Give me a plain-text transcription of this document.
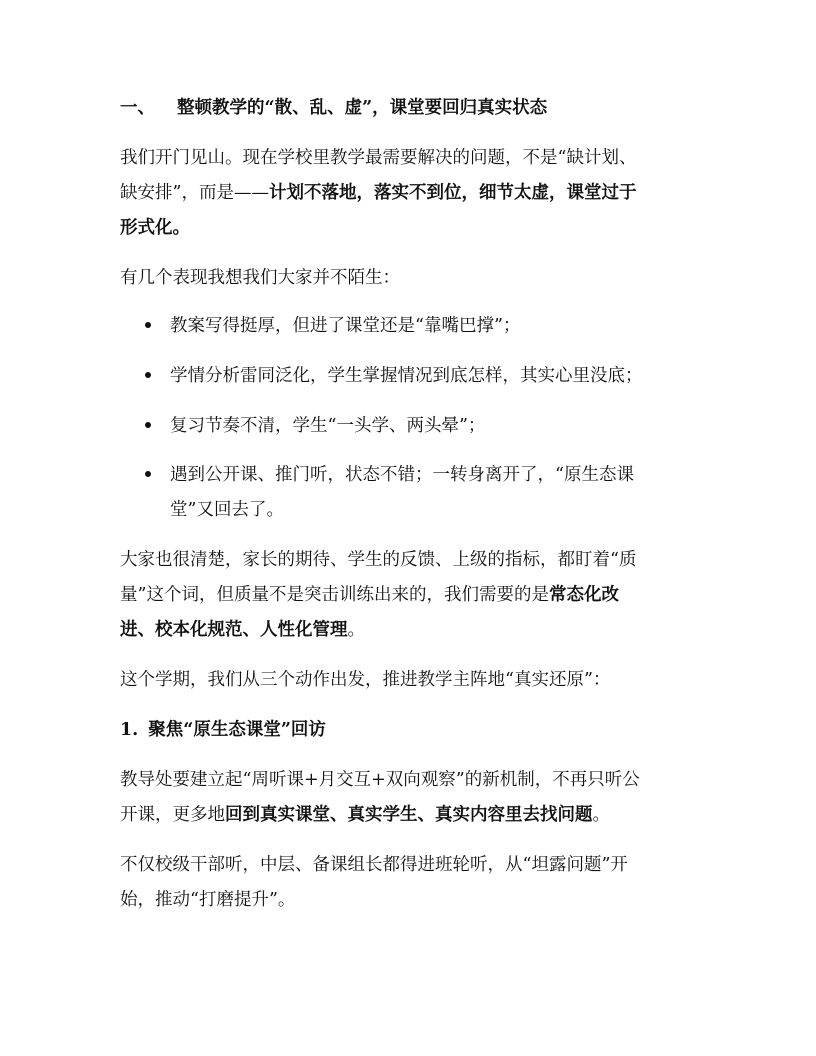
一、 整顿教学的“散、乱、虚”，课堂要回归真实状态

我们开门见山。现在学校里教学最需要解决的问题，不是“缺计划、

缺安排”，而是——计划不落地，落实不到位，细节太虚，课堂过于

形式化。

有几个表现我想我们大家并不陌生：

教案写得挺厚，但进了课堂还是“靠嘴巴撑”；

学情分析雷同泛化，学生掌握情况到底怎样，其实心里没底；

复习节奏不清，学生“一头学、两头晕”；

遇到公开课、推门听，状态不错；一转身离开了，“原生态课

堂”又回去了。

大家也很清楚，家长的期待、学生的反馈、上级的指标，都盯着“质

量”这个词，但质量不是突击训练出来的，我们需要的是常态化改

进、校本化规范、人性化管理。

这个学期，我们从三个动作出发，推进教学主阵地“真实还原”：

1. 聚焦“原生态课堂”回访

教导处要建立起“周听课+月交互+双向观察”的新机制，不再只听公

开课，更多地回到真实课堂、真实学生、真实内容里去找问题。

不仅校级干部听，中层、备课组长都得进班轮听，从“坦露问题”开

始，推动“打磨提升”。
